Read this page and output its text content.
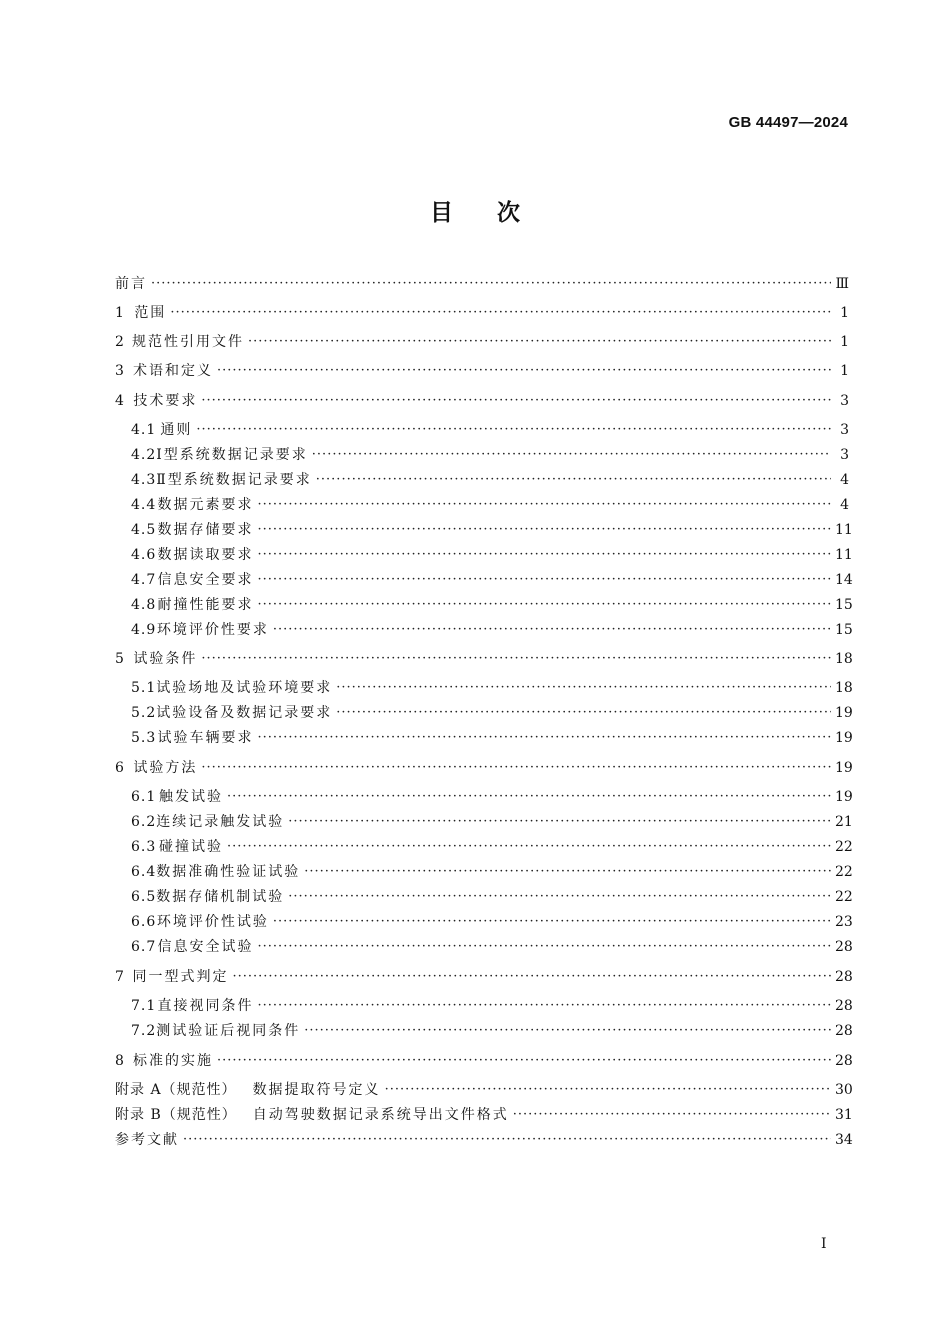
GB 44497—2024
目次
前言 ·····	Ⅲ
1 范围 ·····	1
2 规范性引用文件 ·····	1
3 术语和定义 ·····	1
4 技术要求 ·····	3
4.1 通则 ·····	3
4.2 Ⅰ型系统数据记录要求 ·····	3
4.3 Ⅱ型系统数据记录要求 ·····	4
4.4 数据元素要求 ·····	4
4.5 数据存储要求 ·····	11
4.6 数据读取要求 ·····	11
4.7 信息安全要求 ·····	14
4.8 耐撞性能要求 ·····	15
4.9 环境评价性要求 ·····	15
5 试验条件 ·····	18
5.1 试验场地及试验环境要求 ·····	18
5.2 试验设备及数据记录要求 ·····	19
5.3 试验车辆要求 ·····	19
6 试验方法 ·····	19
6.1 触发试验 ·····	19
6.2 连续记录触发试验 ·····	21
6.3 碰撞试验 ·····	22
6.4 数据准确性验证试验 ·····	22
6.5 数据存储机制试验 ·····	22
6.6 环境评价性试验 ·····	23
6.7 信息安全试验 ·····	28
7 同一型式判定 ·····	28
7.1 直接视同条件 ·····	28
7.2 测试验证后视同条件 ·····	28
8 标准的实施 ·····	28
附录 A（规范性） 数据提取符号定义 ·····	30
附录 B（规范性） 自动驾驶数据记录系统导出文件格式 ·····	31
参考文献 ·····	34
I
